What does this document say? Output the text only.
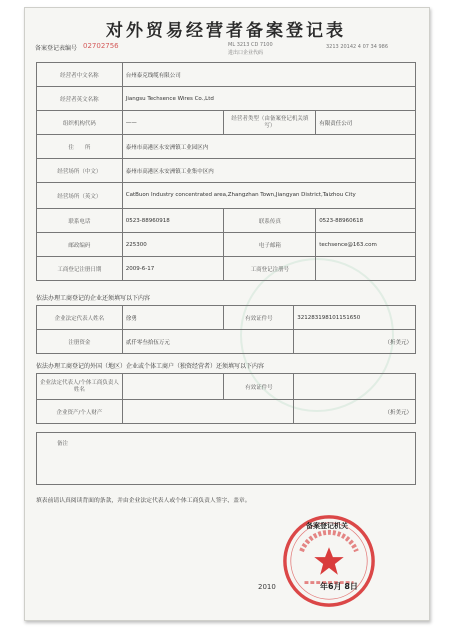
对外贸易经营者备案登记表
备案登记表编号 02702756	ML 3213 CD 7100
进出口企业代码
3213 20142 4 07 34 986
经营者中文名称	台州泰克线缆有限公司		
经营者英文名称	Jiangsu Techsence Wires Co.,Ltd		
组织机构代码	——	经营者类型（由备案登记机关填写）	有限责任公司
住　　所	泰州市高港区永安洲镇工业园区内		
经营场所（中文）	泰州市高港区永安洲镇工业集中区内		
经营场所（英文）	CatBuon Industry concentrated area,Zhangzhan Town,Jiangyan District,Taizhou City		
联系电话	0523-88960918	联系传真	0523-88960618
邮政编码	225300	电子邮箱	techsence@163.com
工商登记注册日期	2009-6-17	工商登记注册号	
依法办理工商登记的企业还须填写以下内容
企业法定代表人姓名	徐勇	有效证件号	321283198101151650
注册资金	贰仟零叁拾伍万元		（折美元）
依法办理工商登记的外国（地区）企业或个体工商户（独资经营者）还须填写以下内容
企业法定代表人/个体工商负责人姓名		有效证件号	
企业资产/个人财产			（折美元）
备注
填表前请认真阅读背面的条款，并由企业法定代表人或个体工商负责人签字、盖章。
备案登记机关
2010	年6月 8日
